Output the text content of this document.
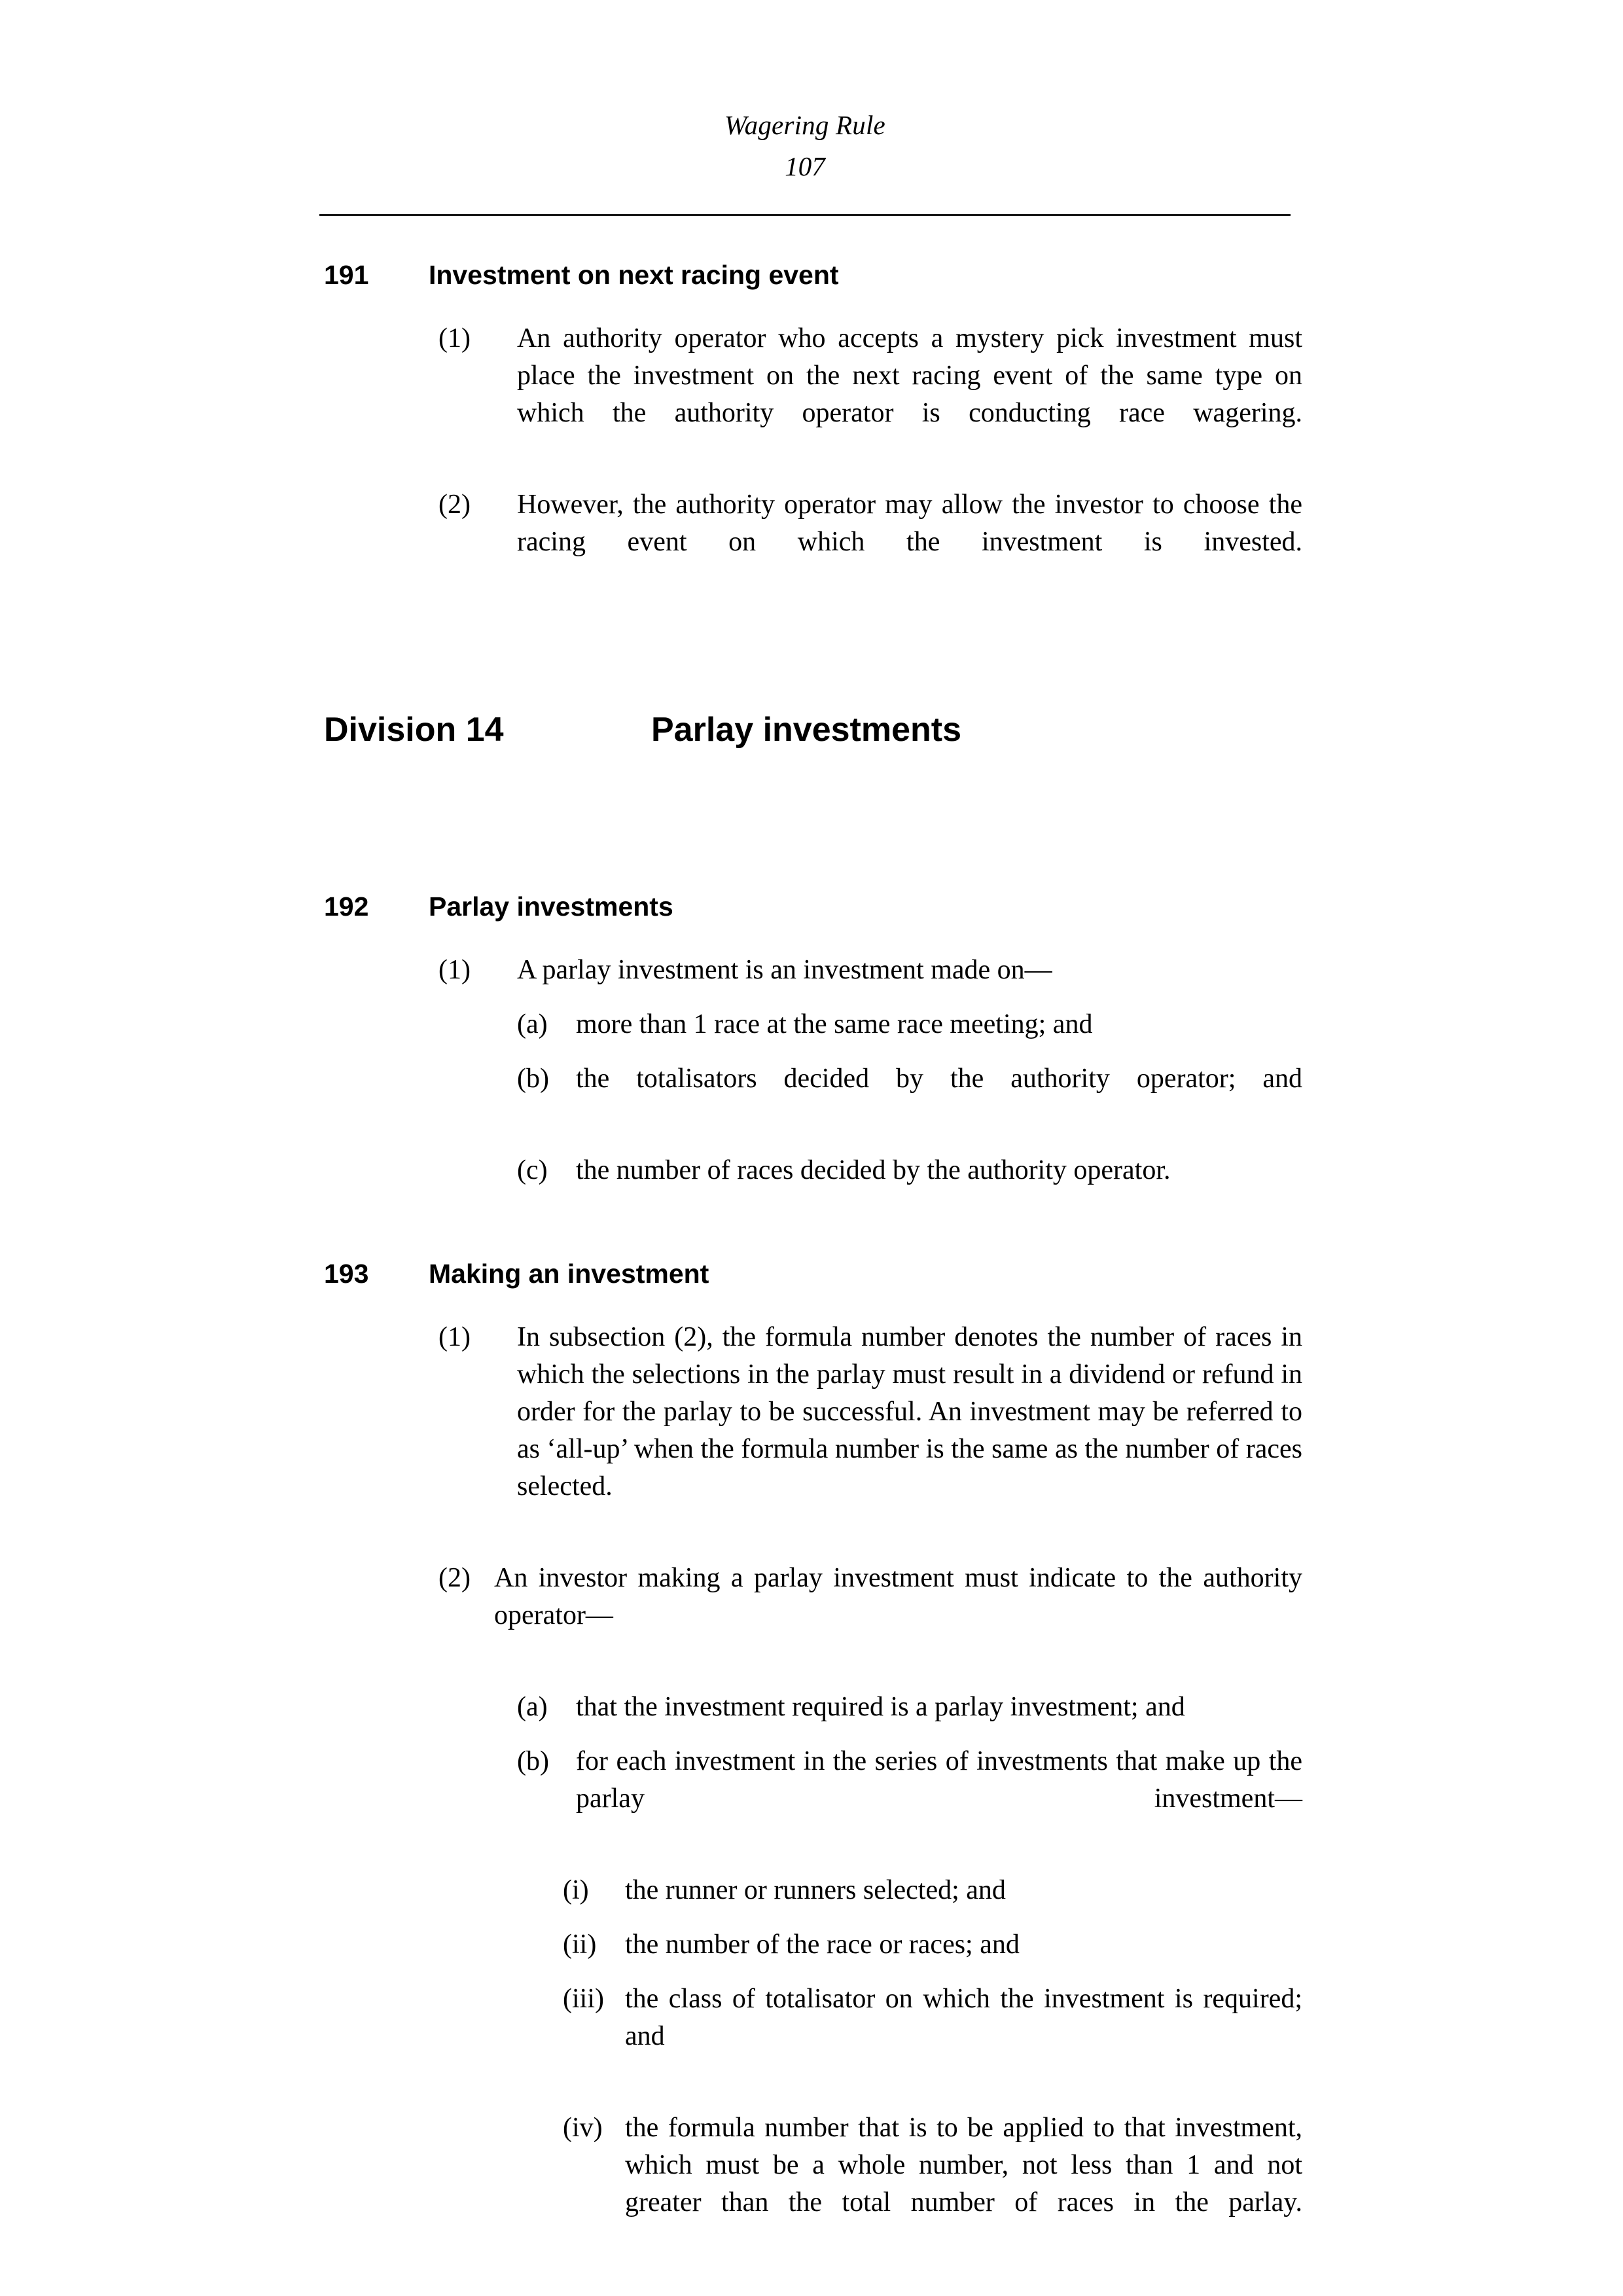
Wagering Rule
107
191	Investment on next racing event
(1) An authority operator who accepts a mystery pick investment must place the investment on the next racing event of the same type on which the authority operator is conducting race wagering.
(2) However, the authority operator may allow the investor to choose the racing event on which the investment is invested.
Division 14	Parlay investments
192	Parlay investments
(1) A parlay investment is an investment made on—
(a) more than 1 race at the same race meeting; and
(b) the totalisators decided by the authority operator; and
(c) the number of races decided by the authority operator.
193	Making an investment
(1) In subsection (2), the formula number denotes the number of races in which the selections in the parlay must result in a dividend or refund in order for the parlay to be successful. An investment may be referred to as ‘all-up’ when the formula number is the same as the number of races selected.
(2) An investor making a parlay investment must indicate to the authority operator—
(a) that the investment required is a parlay investment; and
(b) for each investment in the series of investments that make up the parlay investment—
(i) the runner or runners selected; and
(ii) the number of the race or races; and
(iii) the class of totalisator on which the investment is required; and
(iv) the formula number that is to be applied to that investment, which must be a whole number, not less than 1 and not greater than the total number of races in the parlay.
